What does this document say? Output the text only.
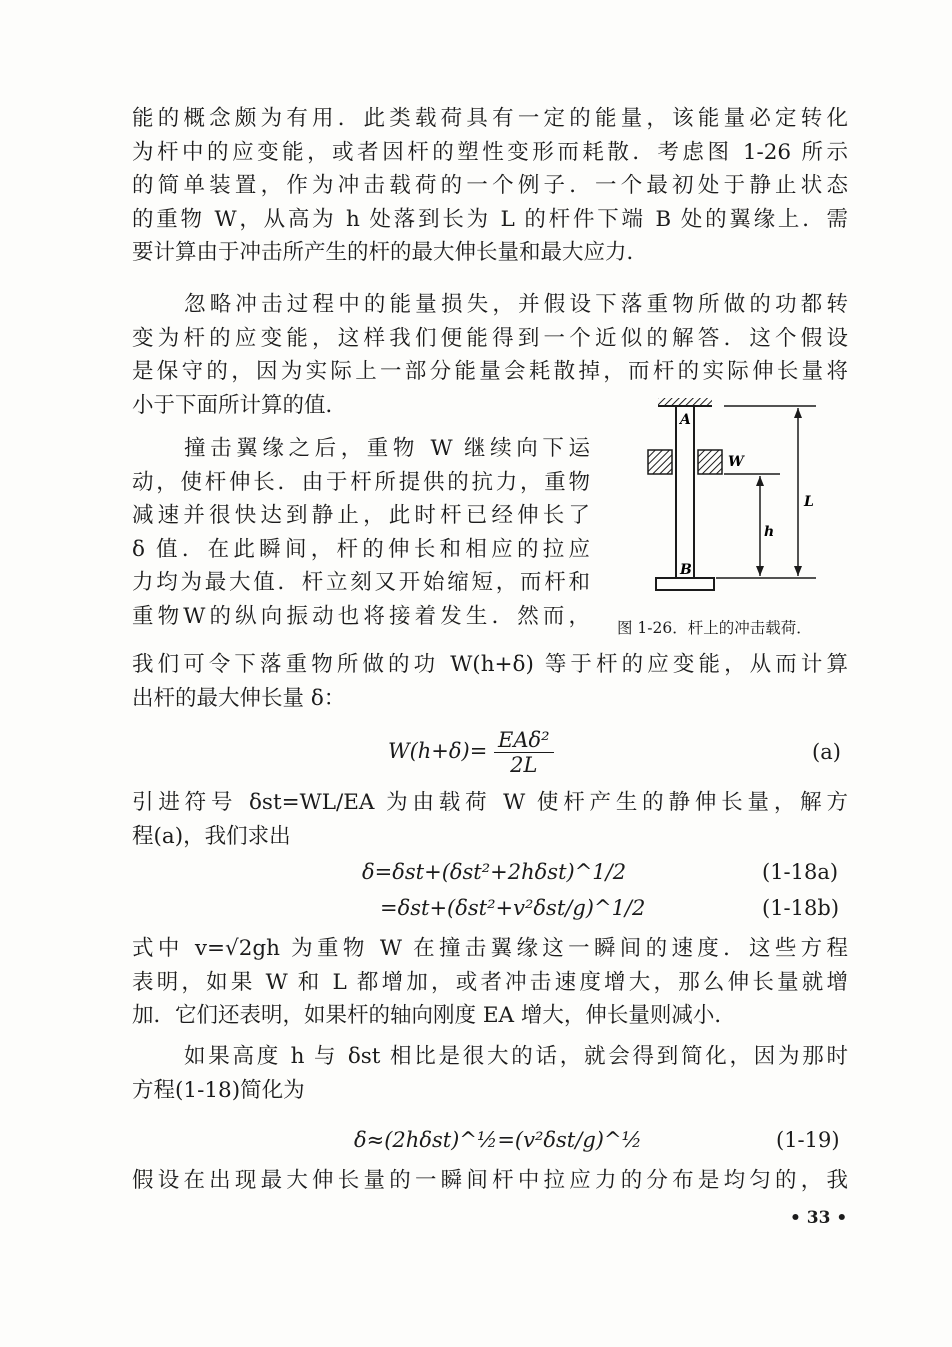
能的概念颇为有用．此类载荷具有一定的能量，该能量必定转化
为杆中的应变能，或者因杆的塑性变形而耗散．考虑图 1-26 所示
的简单装置，作为冲击载荷的一个例子．一个最初处于静止状态
的重物 W，从高为 h 处落到长为 L 的杆件下端 B 处的翼缘上．需
要计算由于冲击所产生的杆的最大伸长量和最大应力．
忽略冲击过程中的能量损失，并假设下落重物所做的功都转
变为杆的应变能，这样我们便能得到一个近似的解答．这个假设
是保守的，因为实际上一部分能量会耗散掉，而杆的实际伸长量将
小于下面所计算的值．
撞击翼缘之后，重物 W 继续向下运
动，使杆伸长．由于杆所提供的抗力，重物
减速并很快达到静止，此时杆已经伸长了
δ 值．在此瞬间，杆的伸长和相应的拉应
力均为最大值．杆立刻又开始缩短，而杆和
重物W的纵向振动也将接着发生．然而，
我们可令下落重物所做的功 W(h+δ) 等于杆的应变能，从而计算
出杆的最大伸长量 δ：
$W(h+\delta)= \frac{\text{EAδ²}}{2L}$	(a)
引进符号 δst=WL/EA 为由载荷 W 使杆产生的静伸长量，解方
程(a)，我们求出
δ=δst+(δst²+2hδst)^1/2	(1-18a)
=δst+(δst²+v²δst/g)^1/2	(1-18b)
式中 v=√2gh 为重物 W 在撞击翼缘这一瞬间的速度．这些方程
表明，如果 W 和 L 都增加，或者冲击速度增大，那么伸长量就增
加．它们还表明，如果杆的轴向刚度 EA 增大，伸长量则减小．
如果高度 h 与 δst 相比是很大的话，就会得到简化，因为那时
方程(1-18)简化为
δ≈(2hδst)^½=(v²δst/g)^½	(1-19)
假设在出现最大伸长量的一瞬间杆中拉应力的分布是均匀的，我
A
B
W
h
L
图 1-26．杆上的冲击载荷．
• 33 •
